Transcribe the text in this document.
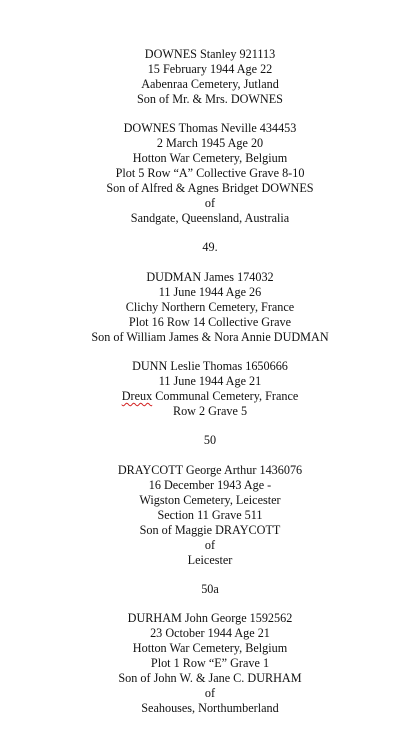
DOWNES Stanley 921113
15 February 1944 Age 22
Aabenraa Cemetery, Jutland
Son of Mr. & Mrs. DOWNES
DOWNES Thomas Neville 434453
2 March 1945 Age 20
Hotton War Cemetery, Belgium
Plot 5 Row “A” Collective Grave 8-10
Son of Alfred & Agnes Bridget DOWNES
of
Sandgate, Queensland, Australia
49.
DUDMAN James 174032
11 June 1944 Age 26
Clichy Northern Cemetery, France
Plot 16 Row 14 Collective Grave
Son of William James & Nora Annie DUDMAN
DUNN Leslie Thomas 1650666
11 June 1944 Age 21
Dreux Communal Cemetery, France
Row 2 Grave 5
50
DRAYCOTT George Arthur 1436076
16 December 1943 Age -
Wigston Cemetery, Leicester
Section 11 Grave 511
Son of Maggie DRAYCOTT
of
Leicester
50a
DURHAM John George 1592562
23 October 1944 Age 21
Hotton War Cemetery, Belgium
Plot 1 Row “E” Grave 1
Son of John W. & Jane C. DURHAM
of
Seahouses, Northumberland
